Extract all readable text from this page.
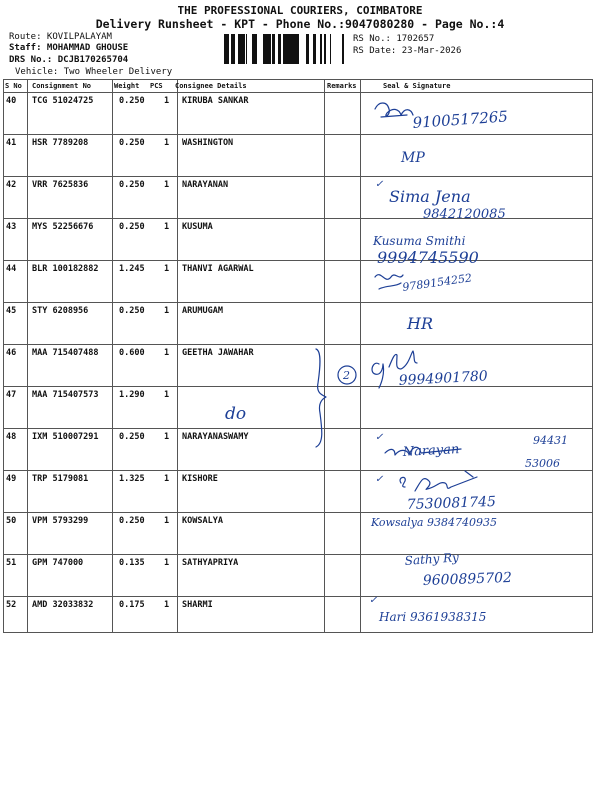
THE PROFESSIONAL COURIERS, COIMBATORE
Delivery Runsheet - KPT - Phone No.:9047080280 - Page No.:4
Route: KOVILPALAYAM
Staff: MOHAMMAD GHOUSE
DRS No.: DCJB170265704
Vehicle: Two Wheeler Delivery
RS No.: 1702657
RS Date: 23-Mar-2026
S No Consignment No	Weight PCS Consignee Details	Remarks	Seal & Signature
40 TCG 51024725	0.250 1 KIRUBA SANKAR
41 HSR 7789208	0.250 1 WASHINGTON
42 VRR 7625836	0.250 1 NARAYANAN
43 MYS 52256676	0.250 1 KUSUMA
44 BLR 100182882 1.245 1 THANVI AGARWAL
45 STY 6208956	0.250 1 ARUMUGAM
46 MAA 715407488 0.600 1 GEETHA JAWAHAR
47 MAA 715407573 1.290 1
48 IXM 510007291 0.250 1 NARAYANASWAMY
49 TRP 5179081	1.325 1 KISHORE
50 VPM 5793299	0.250 1 KOWSALYA
51 GPM 747000	0.135 1 SATHYAPRIYA
52 AMD 32033832	0.175 1 SHARMI
9100517265
MP
✓
Sima Jena
9842120085
Kusuma Smithi
9994745590
9789154252
HR
2	9994901780
do
✓
Narayan
94431
53006
✓
7530081745
Kowsalya 9384740935
Sathy Ry
9600895702
✓
Hari 9361938315
